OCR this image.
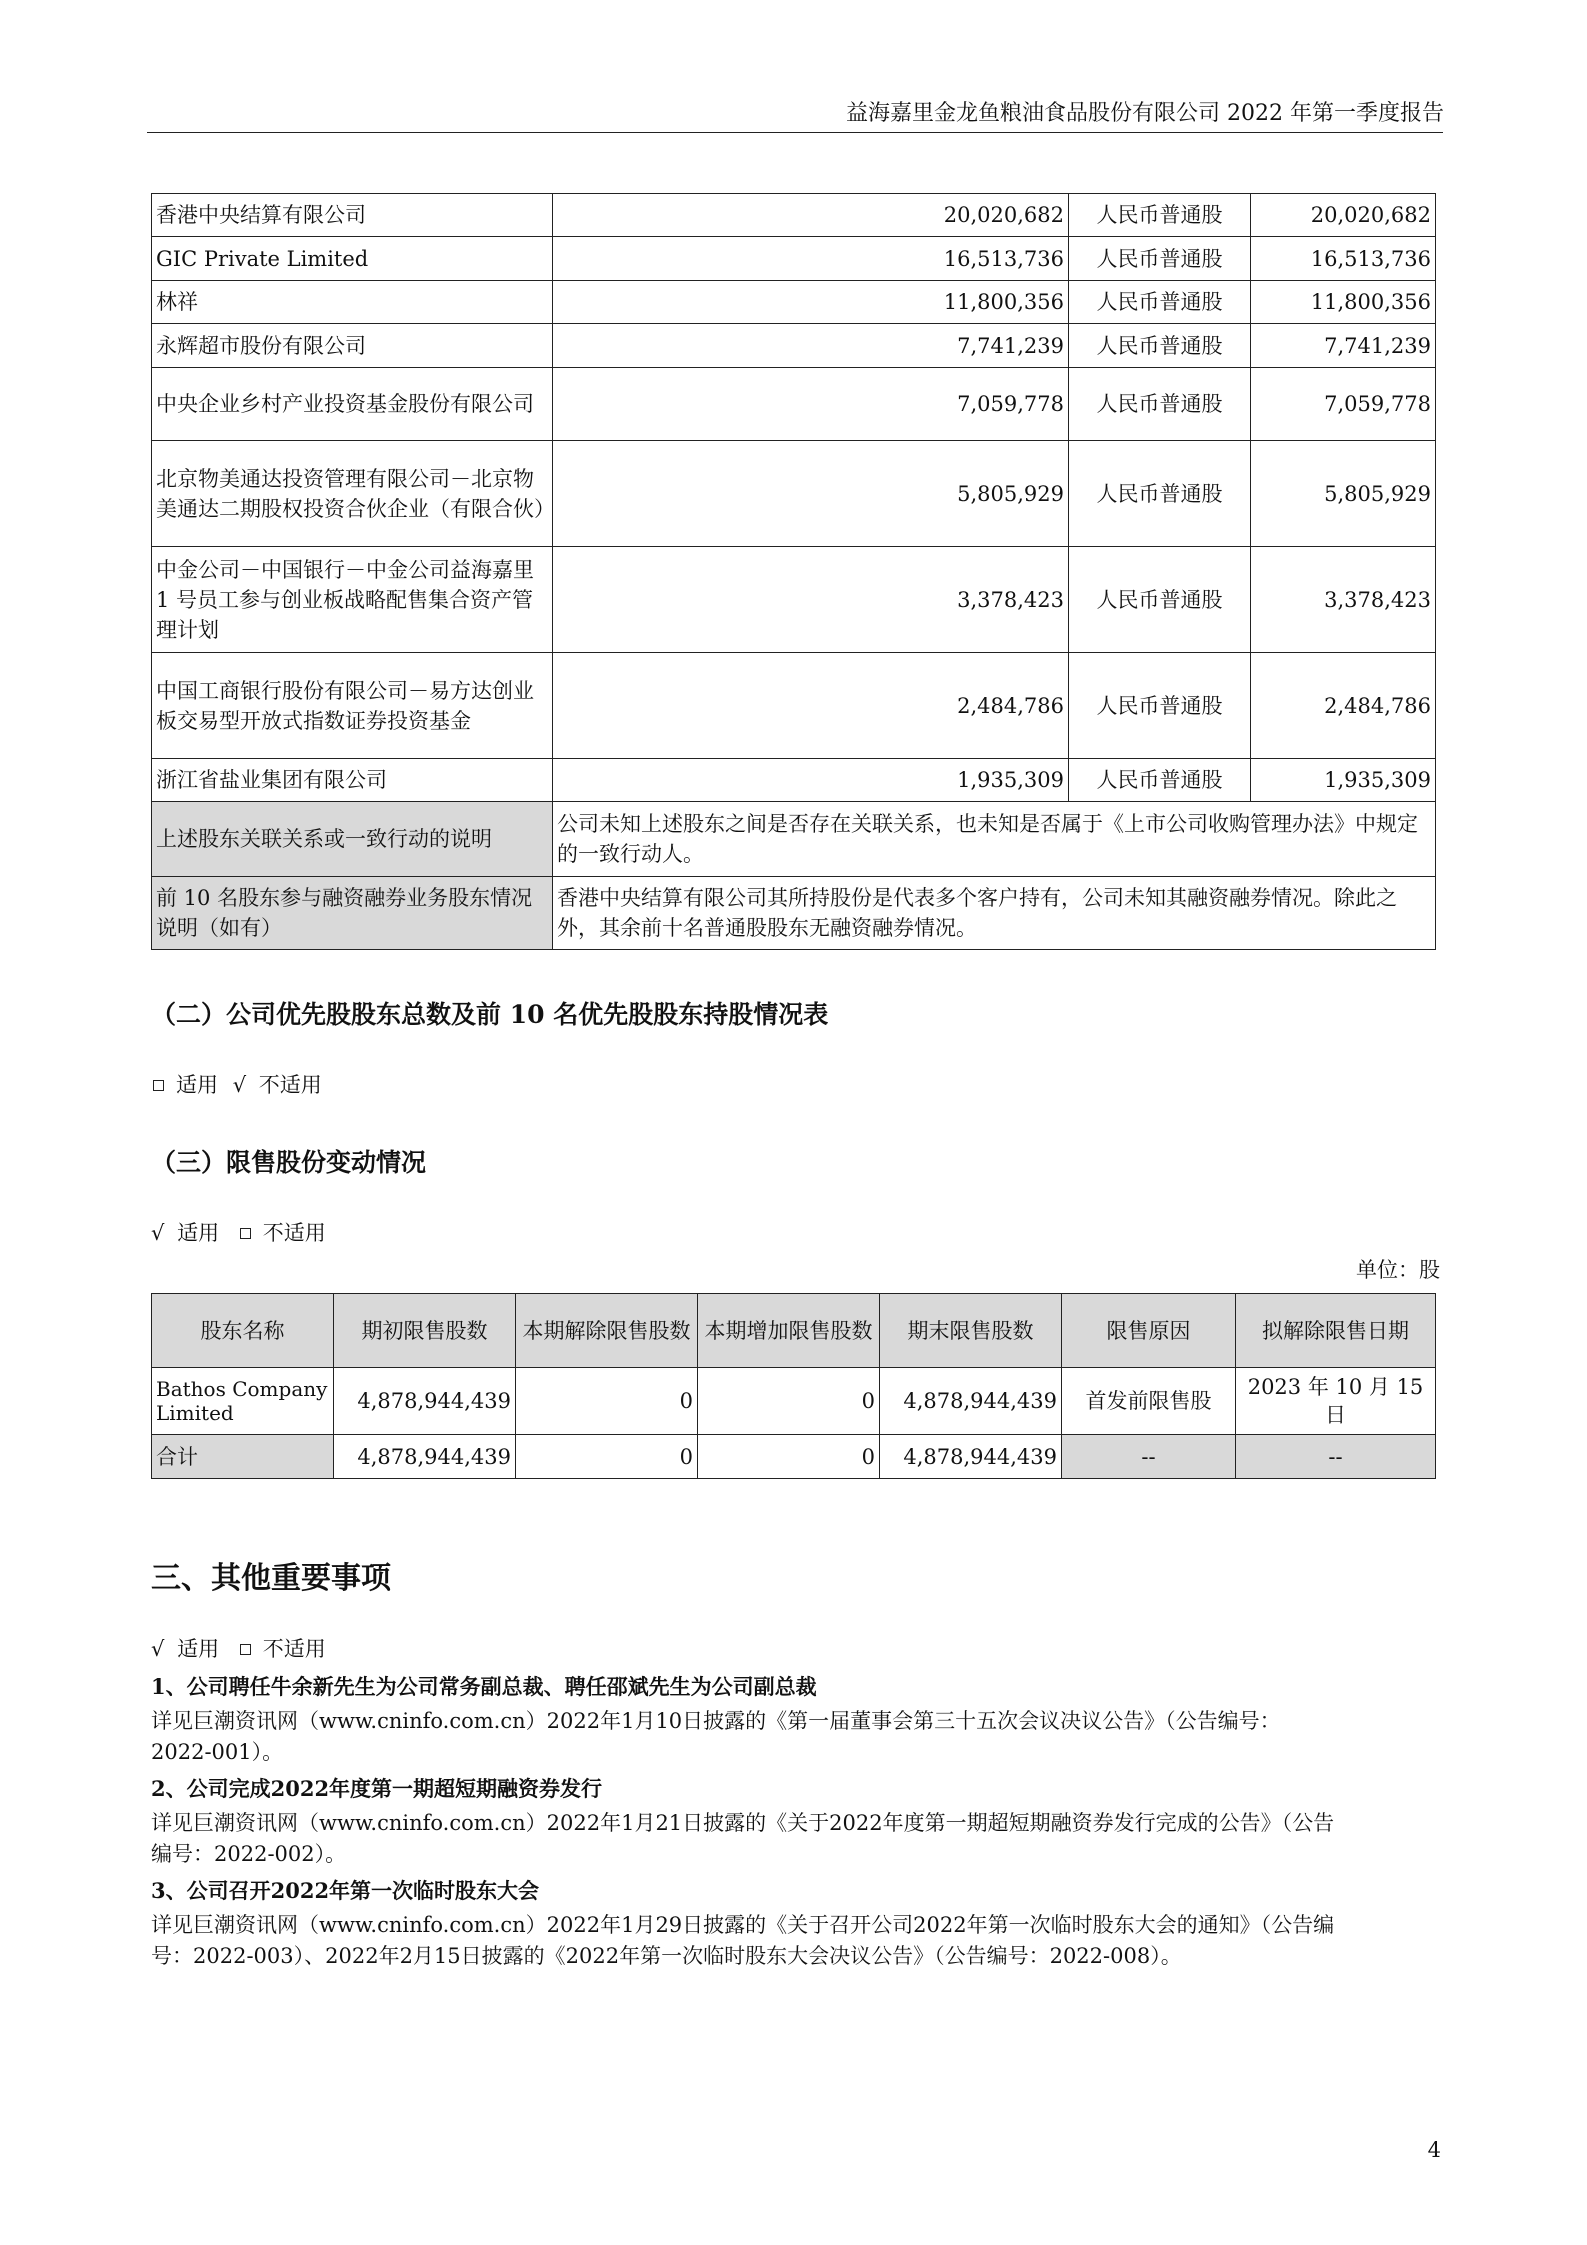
益海嘉里金龙鱼粮油食品股份有限公司 2022 年第一季度报告
香港中央结算有限公司	20,020,682	人民币普通股	20,020,682
GIC Private Limited	16,513,736	人民币普通股	16,513,736
林祥	11,800,356	人民币普通股	11,800,356
永辉超市股份有限公司	7,741,239	人民币普通股	7,741,239
中央企业乡村产业投资基金股份有限公司	7,059,778	人民币普通股	7,059,778
北京物美通达投资管理有限公司－北京物美通达二期股权投资合伙企业（有限合伙）	5,805,929	人民币普通股	5,805,929
中金公司－中国银行－中金公司益海嘉里 1 号员工参与创业板战略配售集合资产管理计划	3,378,423	人民币普通股	3,378,423
中国工商银行股份有限公司－易方达创业板交易型开放式指数证券投资基金	2,484,786	人民币普通股	2,484,786
浙江省盐业集团有限公司	1,935,309	人民币普通股	1,935,309
上述股东关联关系或一致行动的说明	公司未知上述股东之间是否存在关联关系，也未知是否属于《上市公司收购管理办法》中规定的一致行动人。		
前 10 名股东参与融资融券业务股东情况说明（如有）	香港中央结算有限公司其所持股份是代表多个客户持有，公司未知其融资融券情况。除此之外，其余前十名普通股股东无融资融券情况。		
（二）公司优先股股东总数及前 10 名优先股股东持股情况表
适用 √ 不适用
（三）限售股份变动情况
√ 适用 不适用
单位：股
股东名称	期初限售股数	本期解除限售股数	本期增加限售股数	期末限售股数	限售原因	拟解除限售日期
Bathos Company Limited	4,878,944,439	0	0	4,878,944,439	首发前限售股	2023 年 10 月 15 日
合计	4,878,944,439	0	0	4,878,944,439	--	--
三、其他重要事项
√ 适用 不适用
1、公司聘任牛余新先生为公司常务副总裁、聘任邵斌先生为公司副总裁
详见巨潮资讯网（www.cninfo.com.cn）2022年1月10日披露的《第一届董事会第三十五次会议决议公告》（公告编号：
2022-001）。
2、公司完成2022年度第一期超短期融资券发行
详见巨潮资讯网（www.cninfo.com.cn）2022年1月21日披露的《关于2022年度第一期超短期融资券发行完成的公告》（公告
编号：2022-002）。
3、公司召开2022年第一次临时股东大会
详见巨潮资讯网（www.cninfo.com.cn）2022年1月29日披露的《关于召开公司2022年第一次临时股东大会的通知》（公告编
号：2022-003）、2022年2月15日披露的《2022年第一次临时股东大会决议公告》（公告编号：2022-008）。
4
